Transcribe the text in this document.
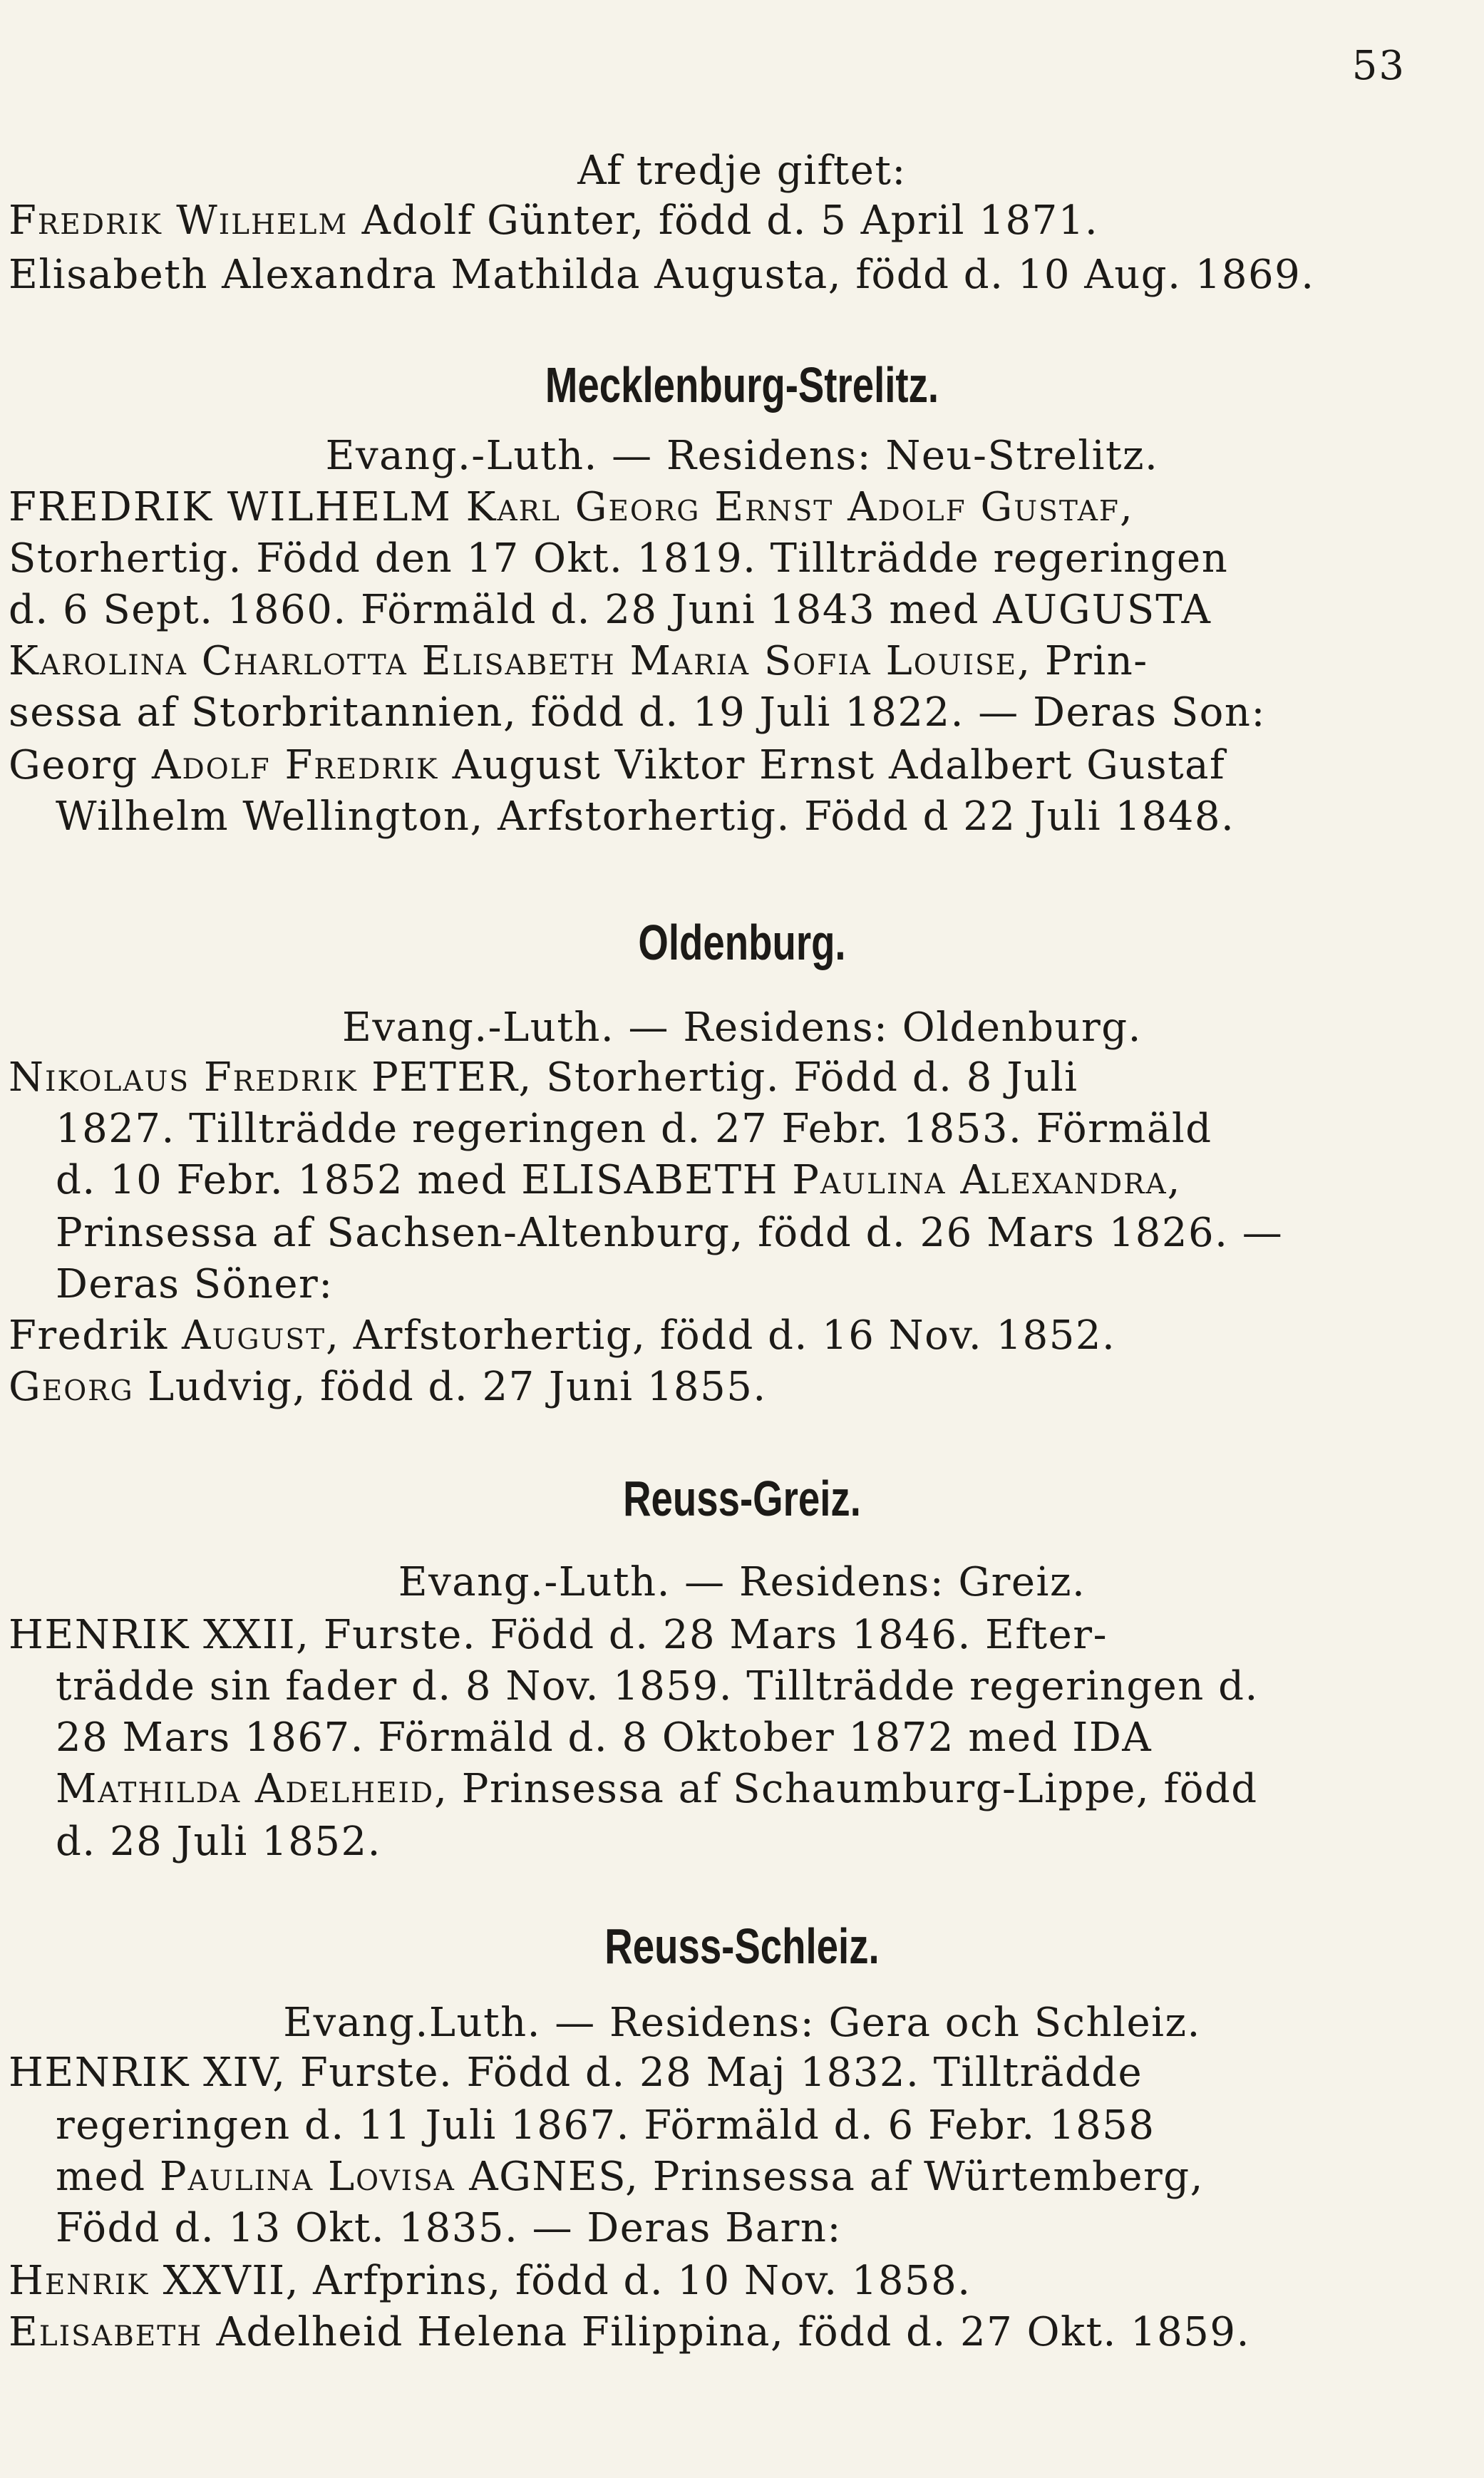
53
Af tredje giftet:
Fredrik Wilhelm Adolf Günter, född d. 5 April 1871.
Elisabeth Alexandra Mathilda Augusta, född d. 10 Aug. 1869.
Mecklenburg-Strelitz.
Evang.-Luth. — Residens: Neu-Strelitz.
FREDRIK WILHELM Karl Georg Ernst Adolf Gustaf,
Storhertig. Född den 17 Okt. 1819. Tillträdde regeringen
d. 6 Sept. 1860. Förmäld d. 28 Juni 1843 med AUGUSTA
Karolina Charlotta Elisabeth Maria Sofia Louise, Prin-
sessa af Storbritannien, född d. 19 Juli 1822. — Deras Son:
Georg Adolf Fredrik August Viktor Ernst Adalbert Gustaf
Wilhelm Wellington, Arfstorhertig. Född d 22 Juli 1848.
Oldenburg.
Evang.-Luth. — Residens: Oldenburg.
Nikolaus Fredrik PETER, Storhertig. Född d. 8 Juli
1827. Tillträdde regeringen d. 27 Febr. 1853. Förmäld
d. 10 Febr. 1852 med ELISABETH Paulina Alexandra,
Prinsessa af Sachsen-Altenburg, född d. 26 Mars 1826. —
Deras Söner:
Fredrik August, Arfstorhertig, född d. 16 Nov. 1852.
Georg Ludvig, född d. 27 Juni 1855.
Reuss-Greiz.
Evang.-Luth. — Residens: Greiz.
HENRIK XXII, Furste. Född d. 28 Mars 1846. Efter-
trädde sin fader d. 8 Nov. 1859. Tillträdde regeringen d.
28 Mars 1867. Förmäld d. 8 Oktober 1872 med IDA
Mathilda Adelheid, Prinsessa af Schaumburg-Lippe, född
d. 28 Juli 1852.
Reuss-Schleiz.
Evang.Luth. — Residens: Gera och Schleiz.
HENRIK XIV, Furste. Född d. 28 Maj 1832. Tillträdde
regeringen d. 11 Juli 1867. Förmäld d. 6 Febr. 1858
med Paulina Lovisa AGNES, Prinsessa af Würtemberg,
Född d. 13 Okt. 1835. — Deras Barn:
Henrik XXVII, Arfprins, född d. 10 Nov. 1858.
Elisabeth Adelheid Helena Filippina, född d. 27 Okt. 1859.
